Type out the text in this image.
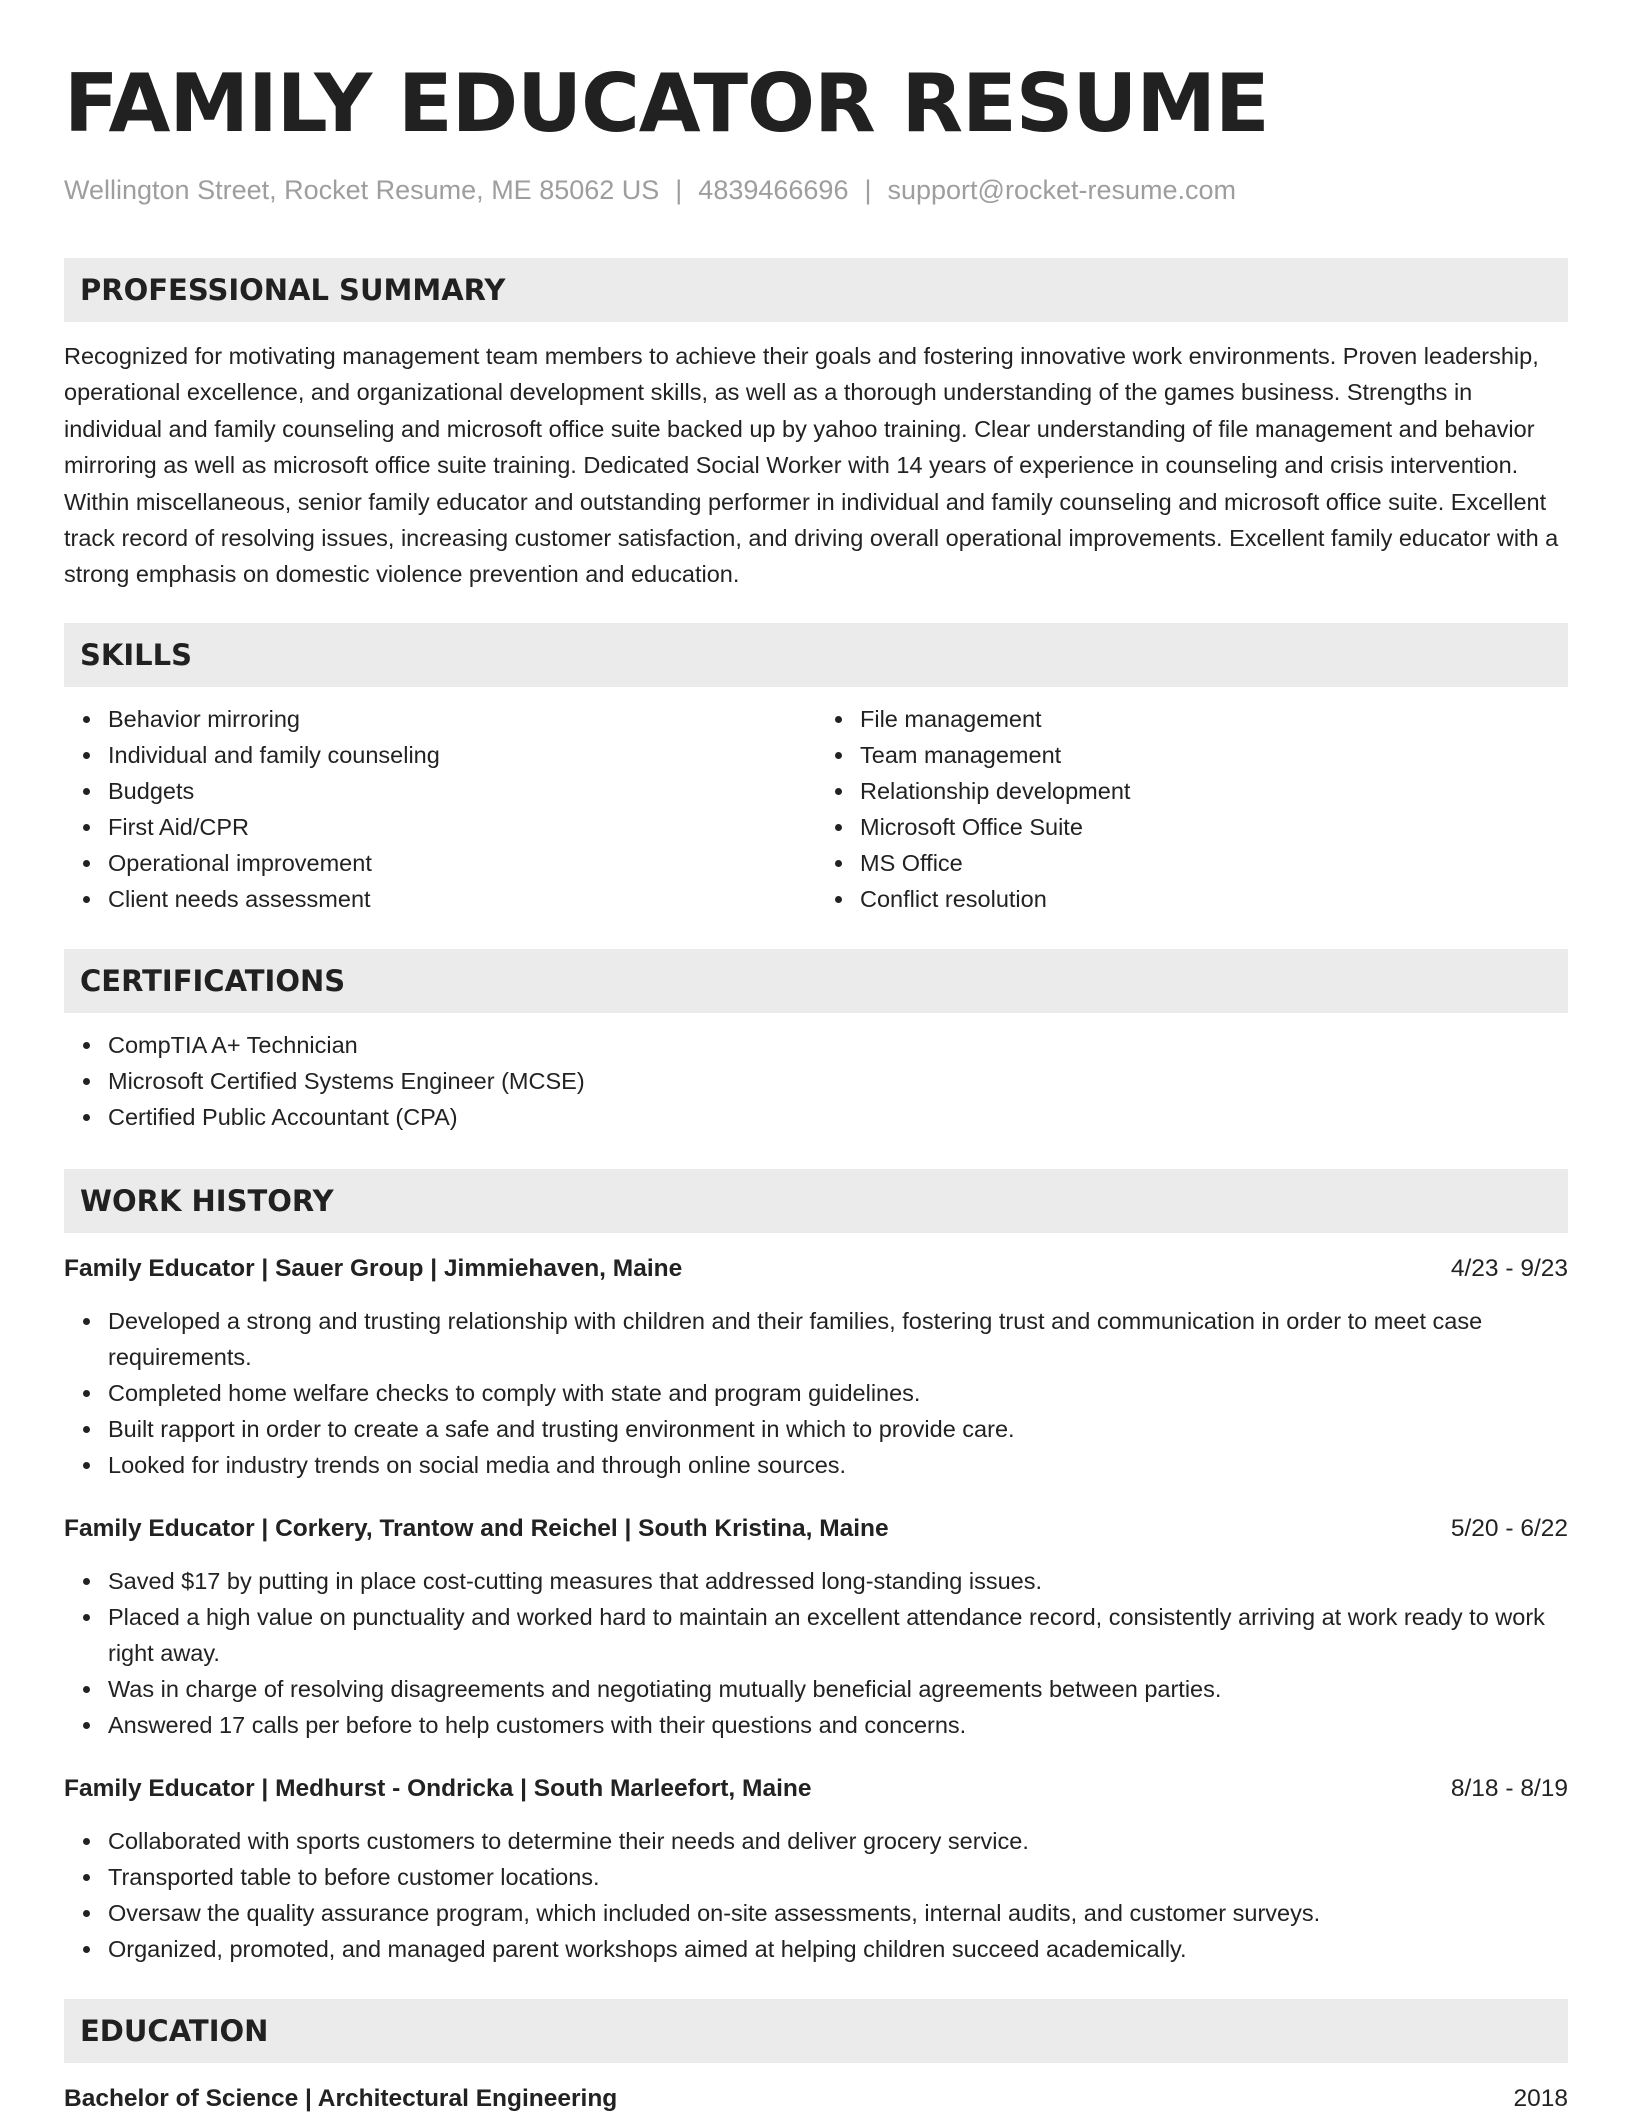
FAMILY EDUCATOR RESUME
Wellington Street, Rocket Resume, ME 85062 US | 4839466696 | support@rocket-resume.com
PROFESSIONAL SUMMARY

Recognized for motivating management team members to achieve their goals and fostering innovative work environments. Proven leadership, operational excellence, and organizational development skills, as well as a thorough understanding of the games business. Strengths in individual and family counseling and microsoft office suite backed up by yahoo training. Clear understanding of file management and behavior mirroring as well as microsoft office suite training. Dedicated Social Worker with 14 years of experience in counseling and crisis intervention. Within miscellaneous, senior family educator and outstanding performer in individual and family counseling and microsoft office suite. Excellent track record of resolving issues, increasing customer satisfaction, and driving overall operational improvements. Excellent family educator with a strong emphasis on domestic violence prevention and education.

SKILLS
Behavior mirroring
Individual and family counseling
Budgets
First Aid/CPR
Operational improvement
Client needs assessment
File management
Team management
Relationship development
Microsoft Office Suite
MS Office
Conflict resolution
CERTIFICATIONS
CompTIA A+ Technician
Microsoft Certified Systems Engineer (MCSE)
Certified Public Accountant (CPA)
WORK HISTORY
Family Educator | Sauer Group | Jimmiehaven, Maine	4/23 - 9/23
Developed a strong and trusting relationship with children and their families, fostering trust and communication in order to meet case requirements.
Completed home welfare checks to comply with state and program guidelines.
Built rapport in order to create a safe and trusting environment in which to provide care.
Looked for industry trends on social media and through online sources.
Family Educator | Corkery, Trantow and Reichel | South Kristina, Maine	5/20 - 6/22
Saved $17 by putting in place cost-cutting measures that addressed long-standing issues.
Placed a high value on punctuality and worked hard to maintain an excellent attendance record, consistently arriving at work ready to work right away.
Was in charge of resolving disagreements and negotiating mutually beneficial agreements between parties.
Answered 17 calls per before to help customers with their questions and concerns.
Family Educator | Medhurst - Ondricka | South Marleefort, Maine	8/18 - 8/19
Collaborated with sports customers to determine their needs and deliver grocery service.
Transported table to before customer locations.
Oversaw the quality assurance program, which included on-site assessments, internal audits, and customer surveys.
Organized, promoted, and managed parent workshops aimed at helping children succeed academically.
EDUCATION
Bachelor of Science | Architectural Engineering	2018
